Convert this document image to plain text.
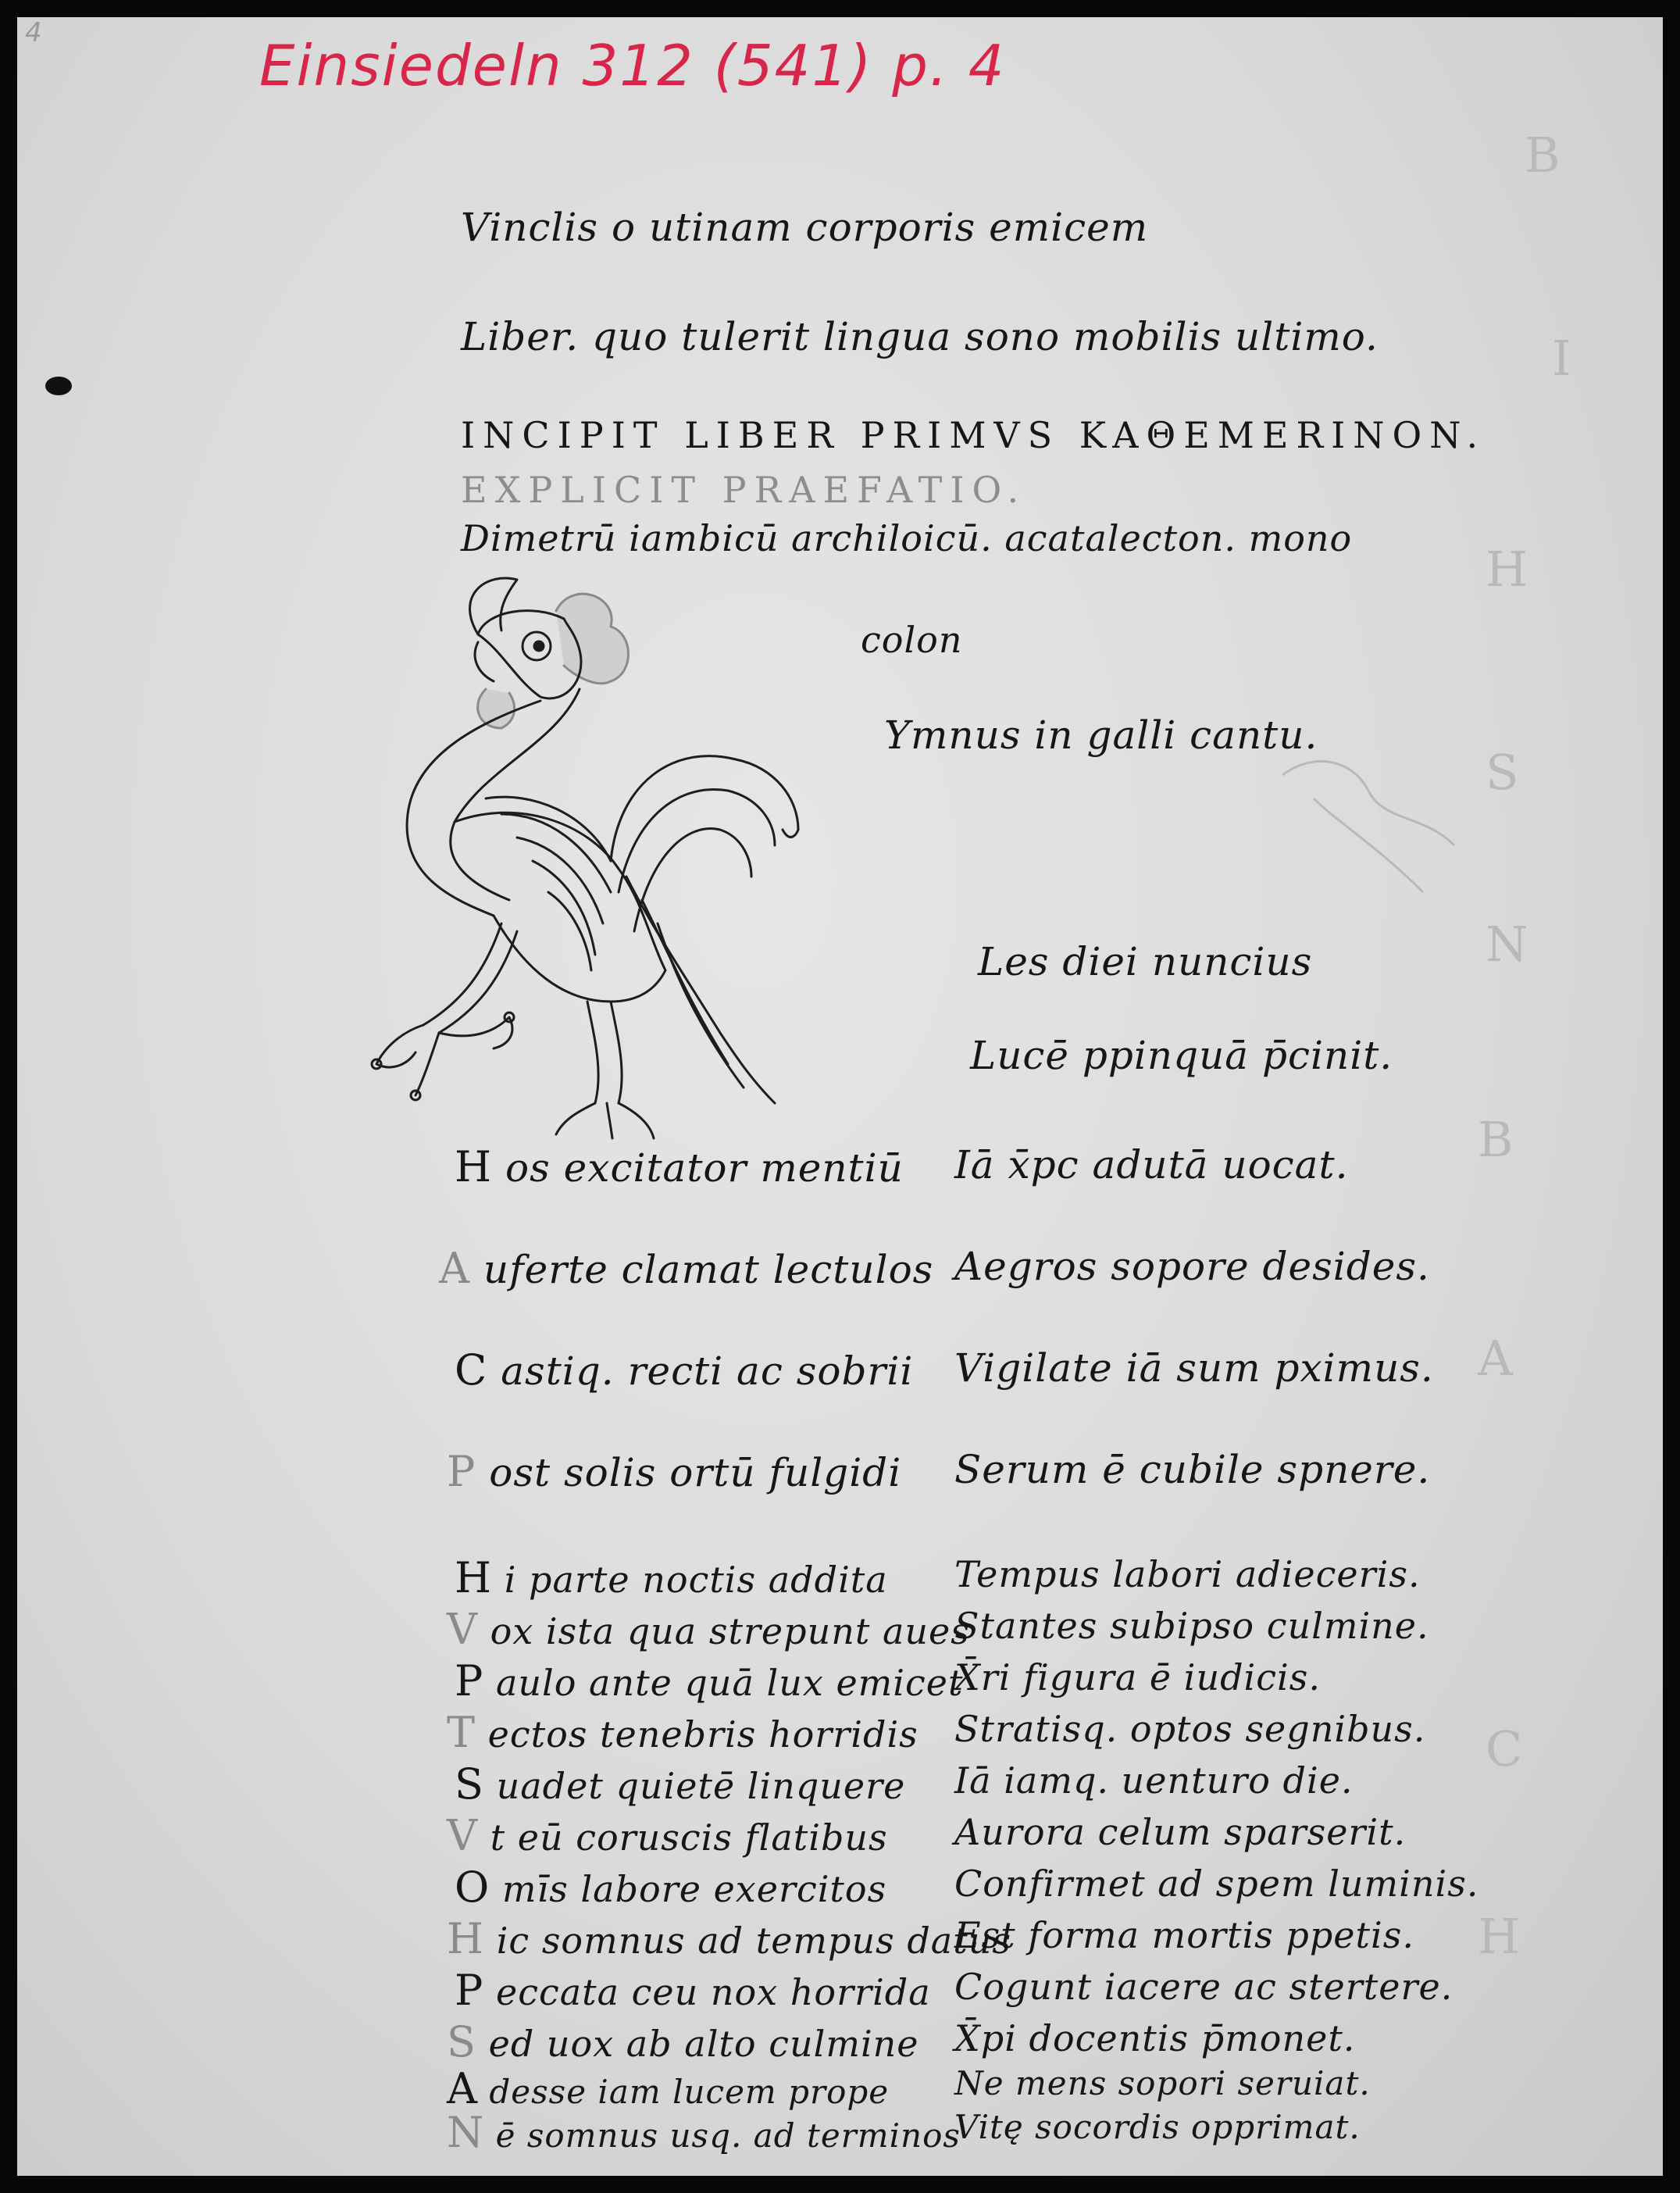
4	Einsiedeln 312 (541) p. 4
B
I
H
S
N
B
A
C
H
Vinclis o utinam corporis emicem
Liber. quo tulerit lingua sono mobilis ultimo.
INCIPIT LIBER PRIMVS KAΘEMERINON.
EXPLICIT PRAEFATIO.
Dimetrū iambicū archiloicū. acatalecton. mono
colon
Ymnus in galli cantu.
Les diei nuncius
Lucē ppinquā p̄cinit.
H os excitator mentiū Iā x̄pc adutā uocat.
A uferte clamat lectulos Aegros sopore desides.
C astiq. recti ac sobrii Vigilate iā sum pximus.
P ost solis ortū fulgidi Serum ē cubile spnere.
H i parte noctis addita Tempus labori adieceris.
V ox ista qua strepunt aues
Stantes subipso culmine.
P aulo ante quā lux emicet
X̄ri figura ē iudicis.
T ectos tenebris horridis Stratisq. optos segnibus.
S uadet quietē linquere Iā iamq. uenturo die.
V t eū coruscis flatibus Aurora celum sparserit.
O mīs labore exercitos Confirmet ad spem luminis.
H ic somnus ad tempus datus
Est forma mortis ppetis.
P eccata ceu nox horrida Cogunt iacere ac stertere.
S ed uox ab alto culmine X̄pi docentis p̄monet.
A desse iam lucem prope Ne mens sopori seruiat.
N ē somnus usq. ad terminos
Vitę socordis opprimat.
